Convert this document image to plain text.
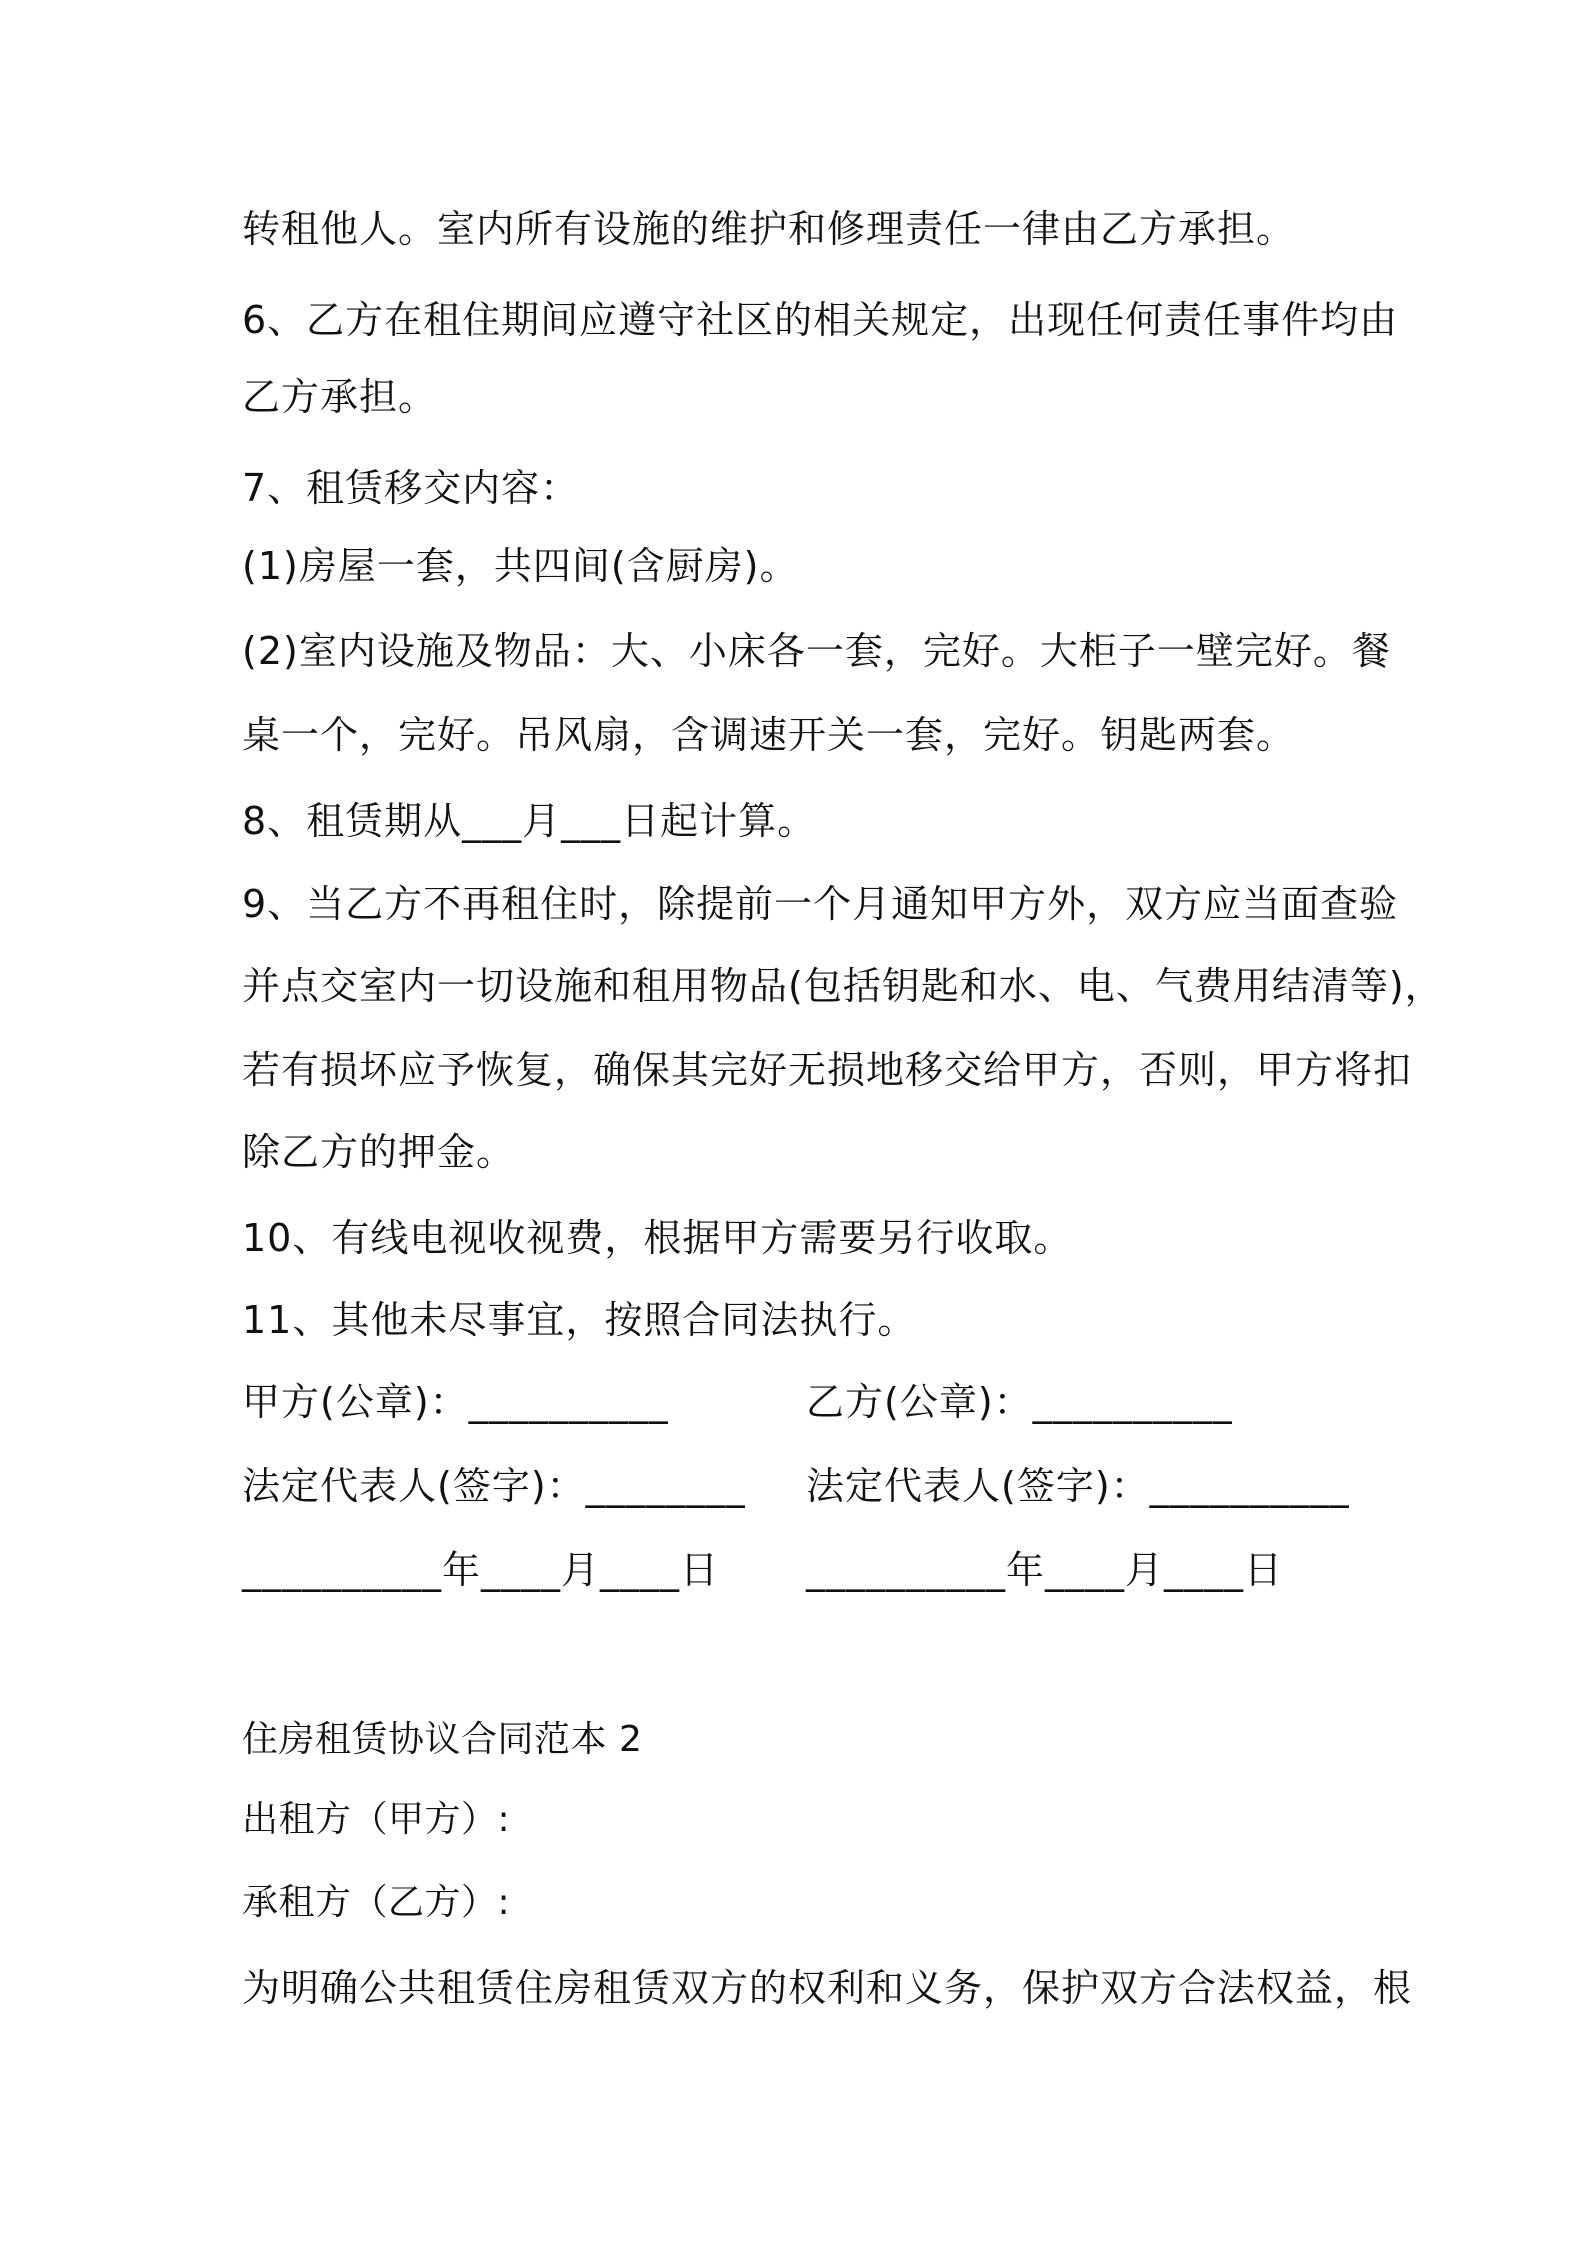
转租他人。室内所有设施的维护和修理责任一律由乙方承担。
6、乙方在租住期间应遵守社区的相关规定，出现任何责任事件均由
乙方承担。
7、租赁移交内容：
(1)房屋一套，共四间(含厨房)。
(2)室内设施及物品：大、小床各一套，完好。大柜子一壁完好。餐
桌一个，完好。吊风扇，含调速开关一套，完好。钥匙两套。
8、租赁期从___月___日起计算。
9、当乙方不再租住时，除提前一个月通知甲方外，双方应当面查验
并点交室内一切设施和租用物品(包括钥匙和水、电、气费用结清等)，
若有损坏应予恢复，确保其完好无损地移交给甲方，否则，甲方将扣
除乙方的押金。
10、有线电视收视费，根据甲方需要另行收取。
11、其他未尽事宜，按照合同法执行。
甲方(公章)：__________	乙方(公章)：__________
法定代表人(签字)：________	法定代表人(签字)：__________
__________年____月____日	__________年____月____日
住房租赁协议合同范本 2
出租方（甲方）:
承租方（乙方）:
为明确公共租赁住房租赁双方的权利和义务，保护双方合法权益，根
